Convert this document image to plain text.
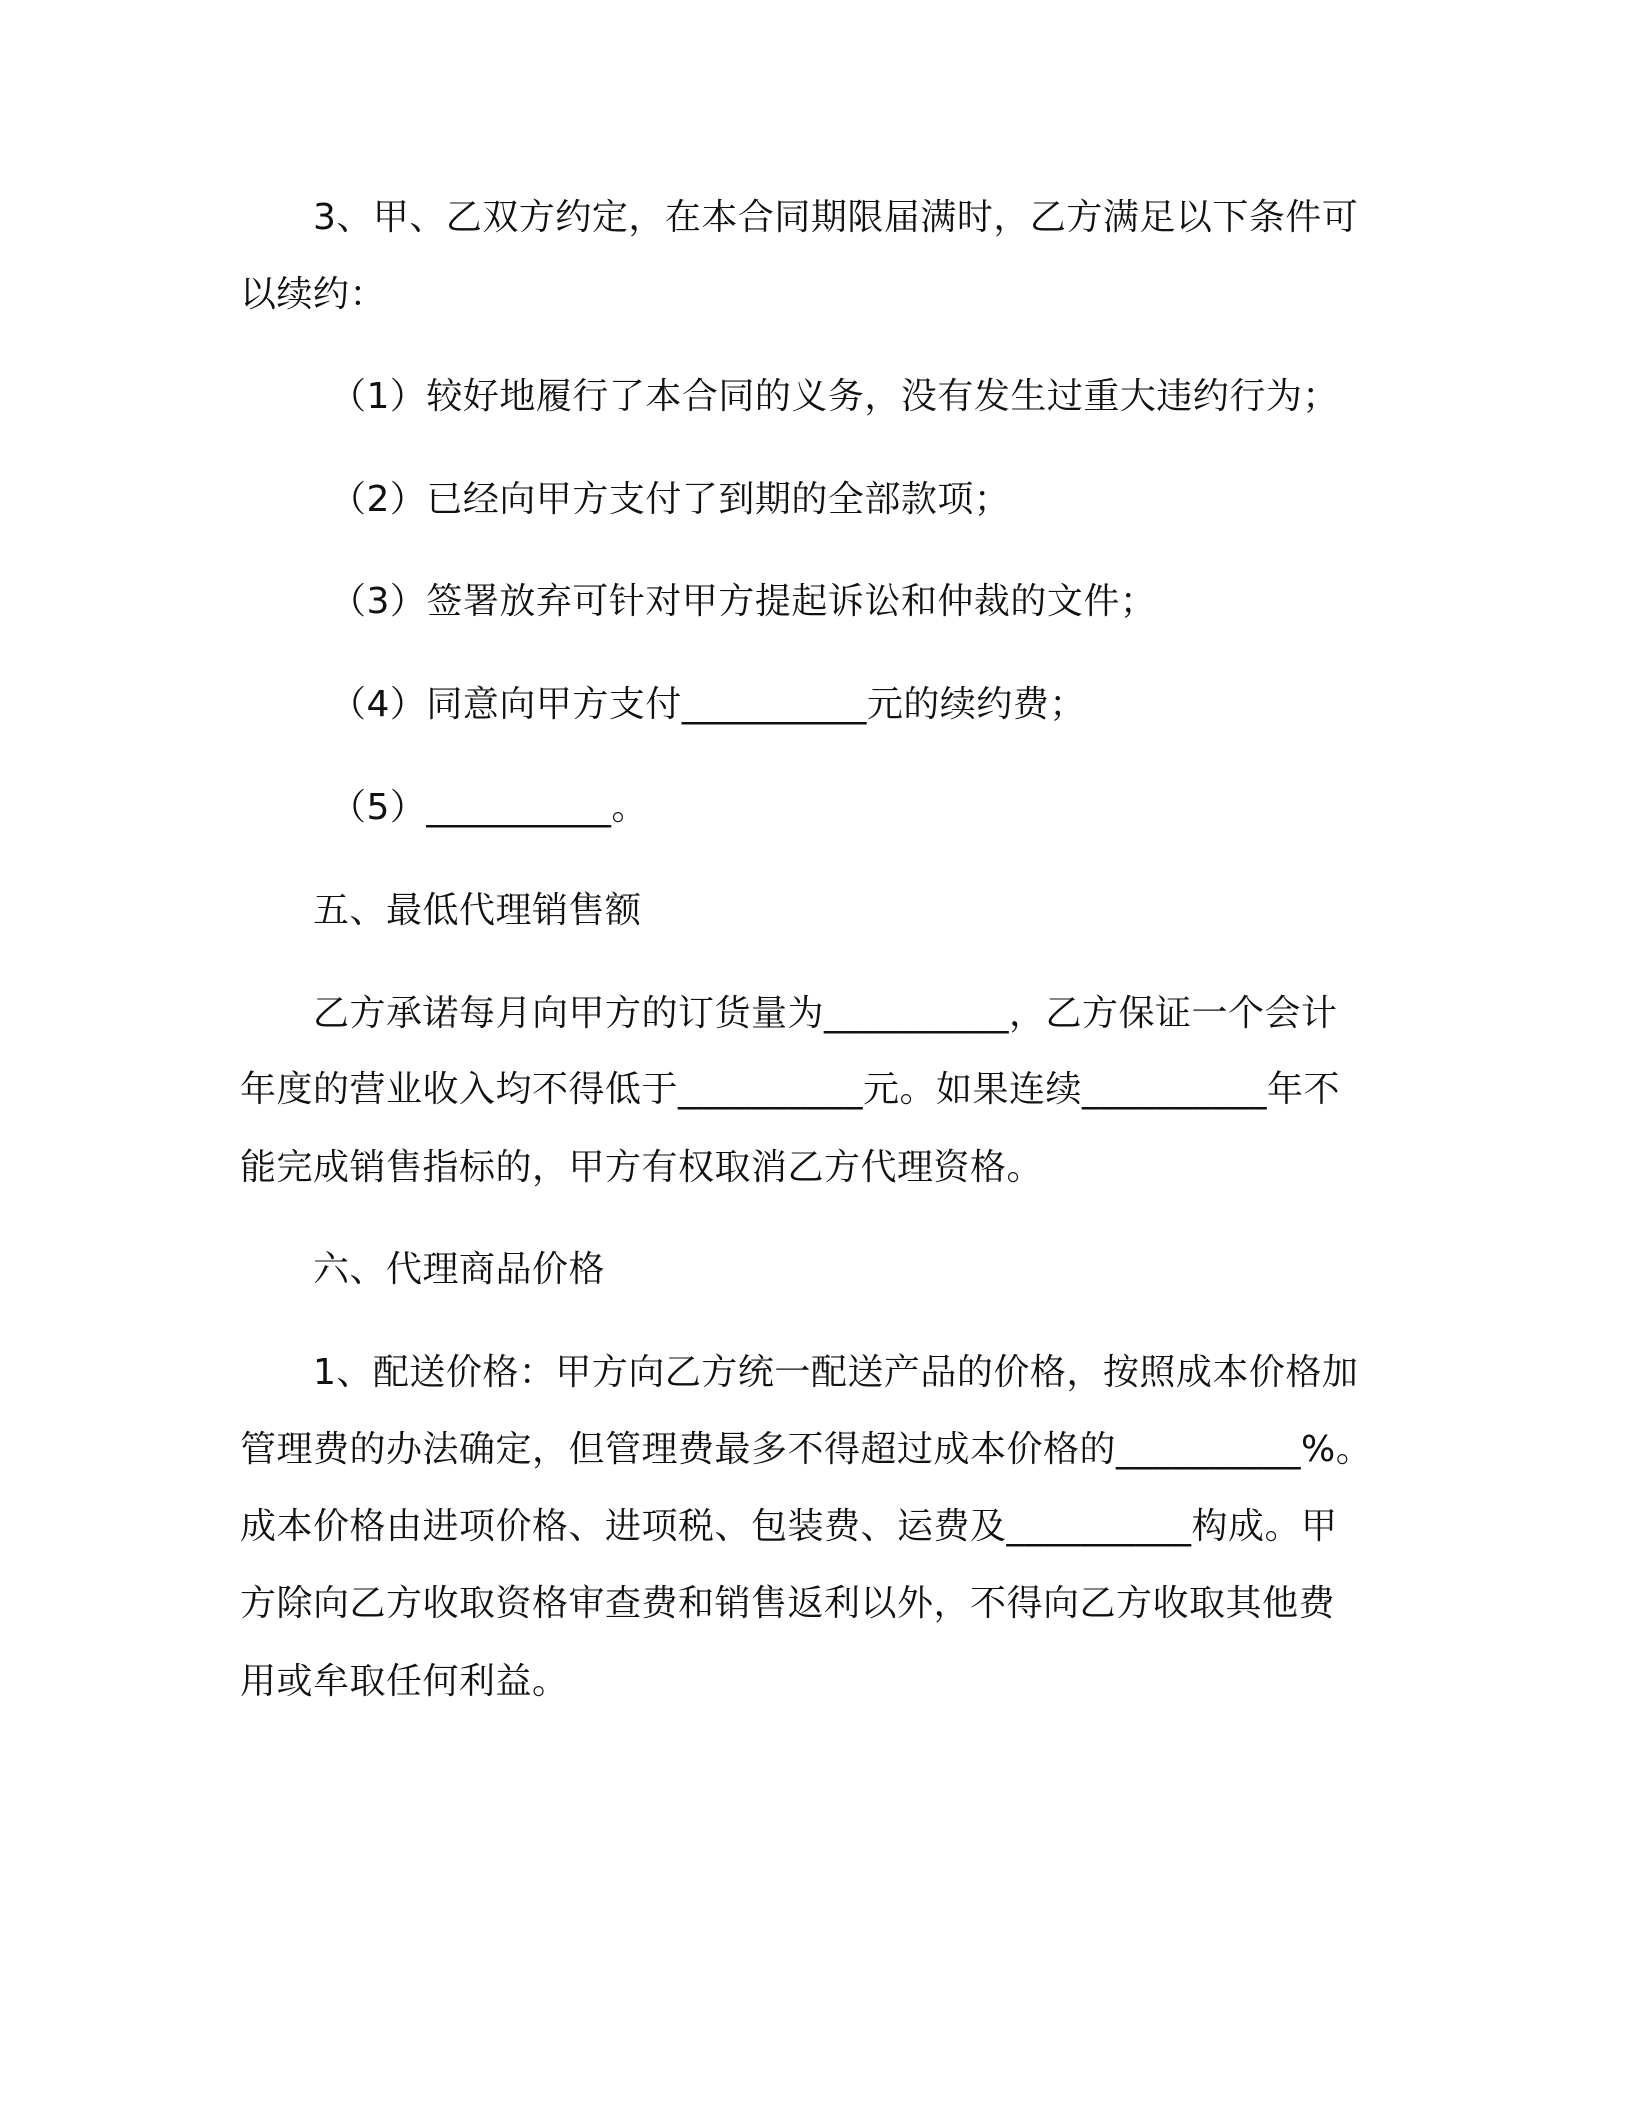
3、甲、乙双方约定，在本合同期限届满时，乙方满足以下条件可
以续约：
（1）较好地履行了本合同的义务，没有发生过重大违约行为；
（2）已经向甲方支付了到期的全部款项；
（3）签署放弃可针对甲方提起诉讼和仲裁的文件；
（4）同意向甲方支付__________元的续约费；
（5）__________。
五、最低代理销售额
乙方承诺每月向甲方的订货量为__________，乙方保证一个会计
年度的营业收入均不得低于__________元。如果连续__________年不
能完成销售指标的，甲方有权取消乙方代理资格。
六、代理商品价格
1、配送价格：甲方向乙方统一配送产品的价格，按照成本价格加
管理费的办法确定，但管理费最多不得超过成本价格的__________%。
成本价格由进项价格、进项税、包装费、运费及__________构成。甲
方除向乙方收取资格审查费和销售返利以外，不得向乙方收取其他费
用或牟取任何利益。
